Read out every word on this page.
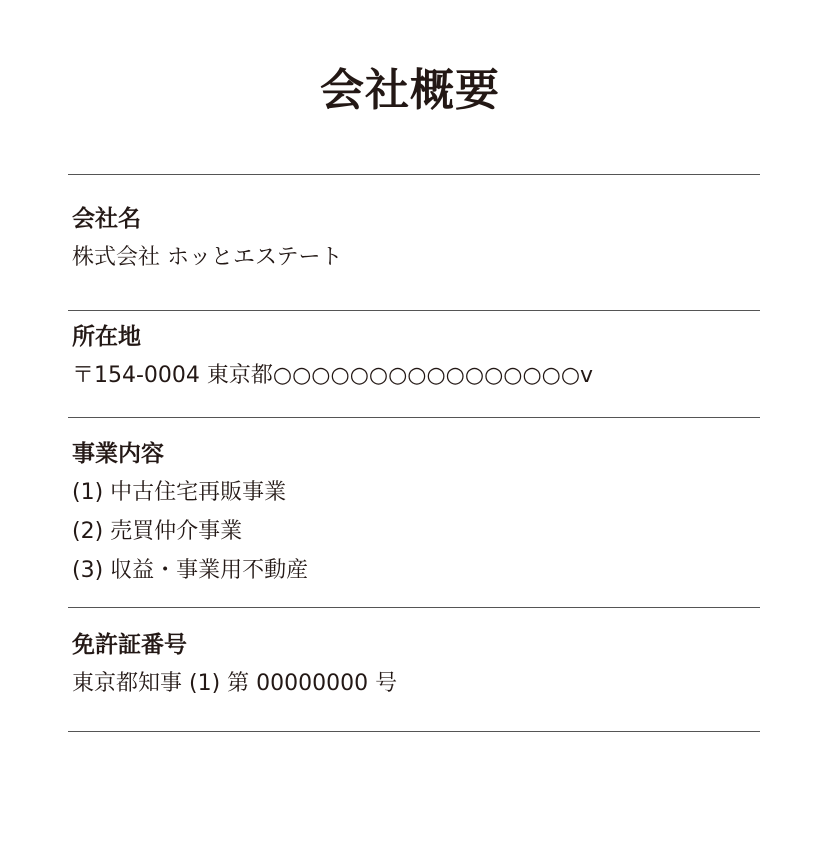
会社概要

会社名

株式会社 ホッとエステート

所在地

〒154-0004 東京都○○○○○○○○○○○○○○○○v

事業内容

(1) 中古住宅再販事業
(2) 売買仲介事業
(3) 収益・事業用不動産

免許証番号

東京都知事 (1) 第 00000000 号
